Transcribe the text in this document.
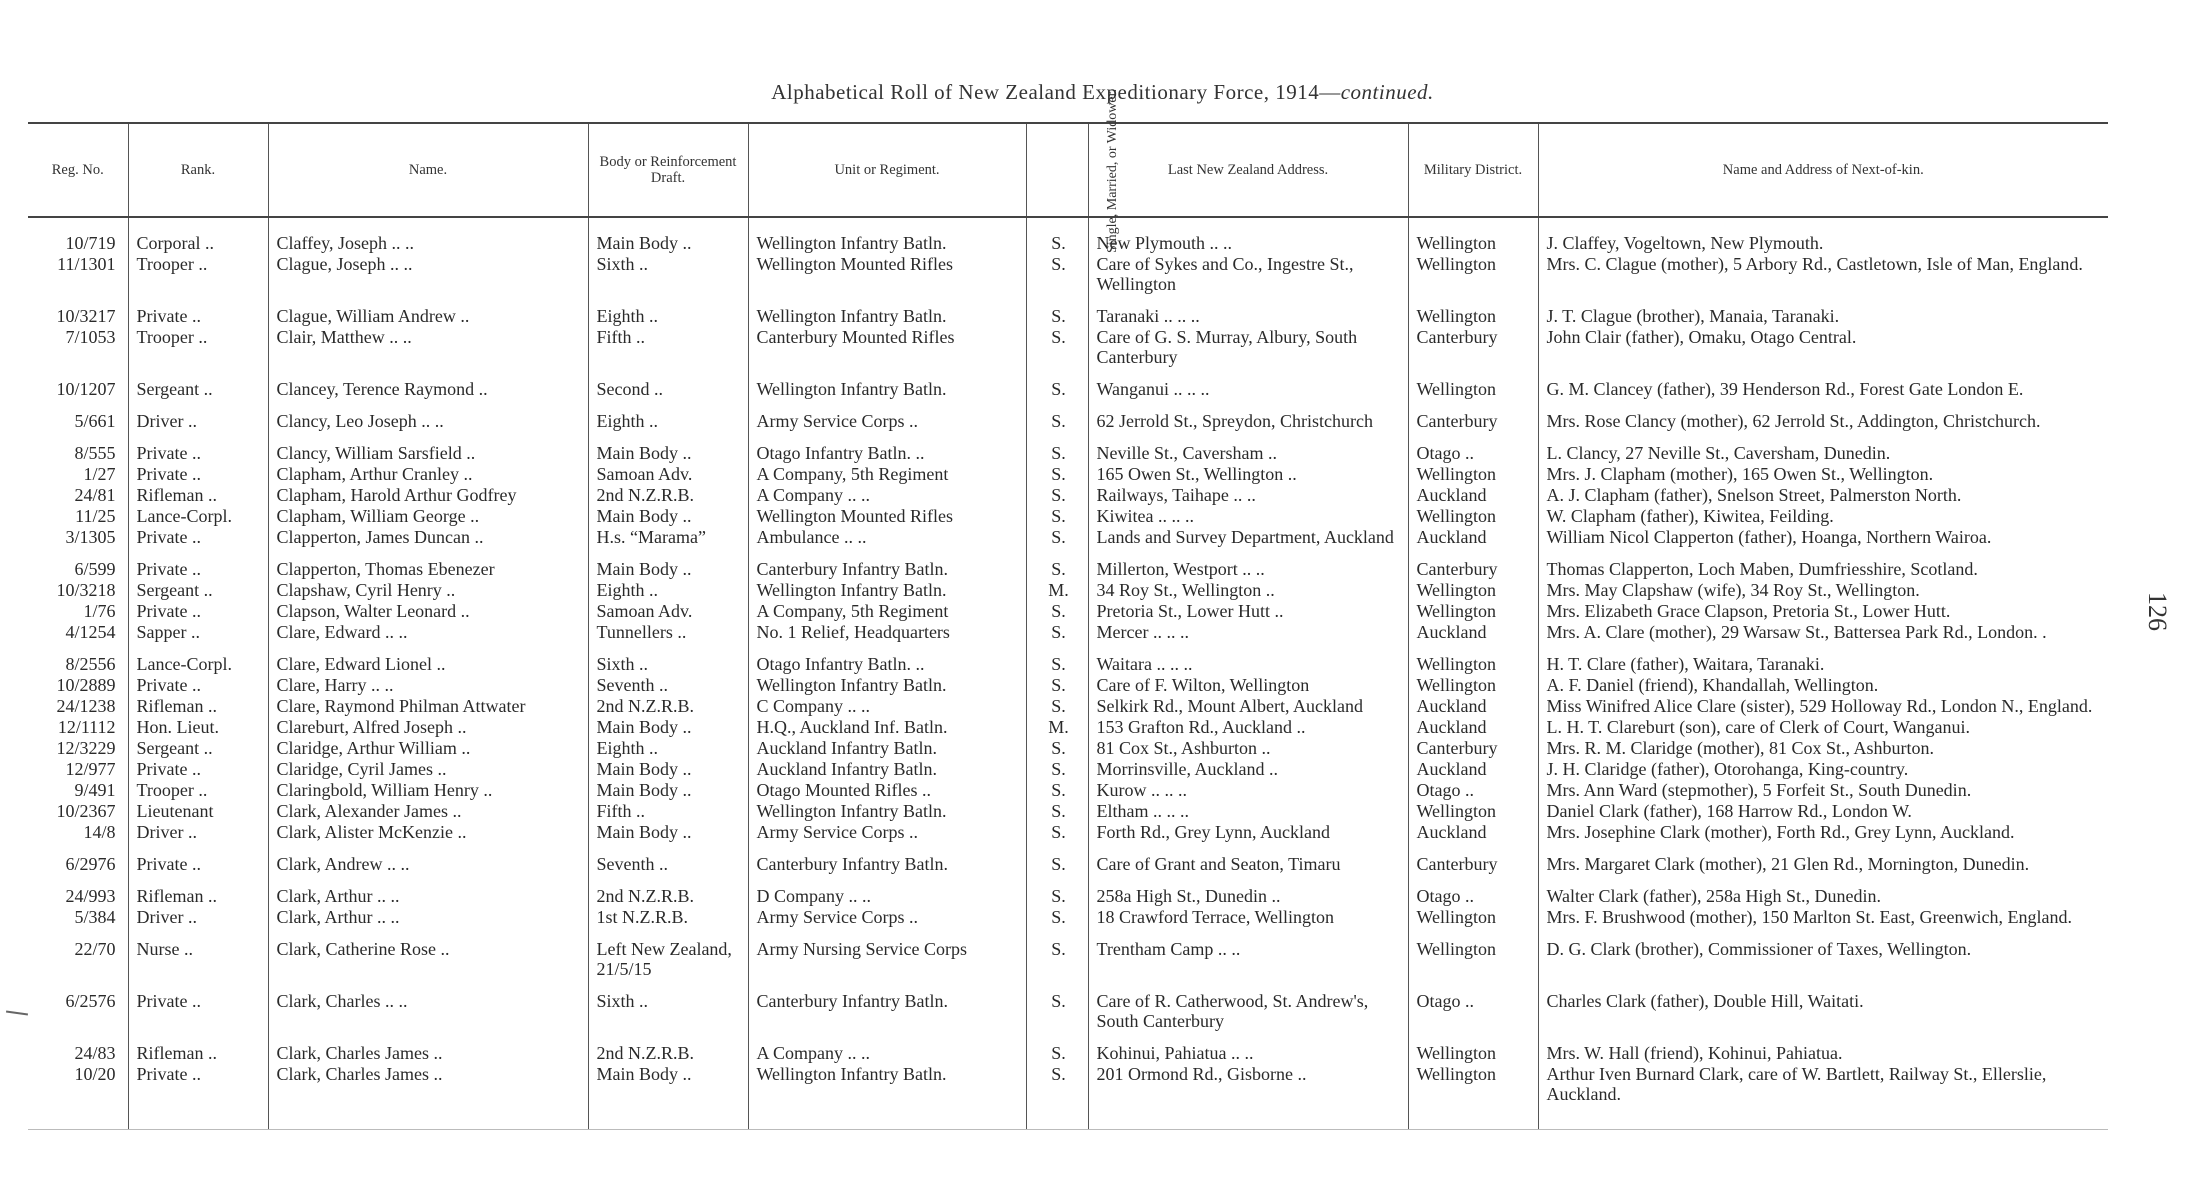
Alphabetical Roll of New Zealand Expeditionary Force, 1914—continued.
Reg. No.	Rank.	Name.	Body or Reinforcement Draft.	Unit or Regiment.	Single, Married, or Widower.	Last New Zealand Address.	Military District.	Name and Address of Next-of-kin.
10/719	Corporal ..	Claffey, Joseph .. ..	Main Body ..	Wellington Infantry Batln.	S.	New Plymouth .. ..	Wellington	J. Claffey, Vogeltown, New Plymouth.
11/1301	Trooper ..	Clague, Joseph .. ..	Sixth ..	Wellington Mounted Rifles	S.	Care of Sykes and Co., Ingestre St., Wellington	Wellington	Mrs. C. Clague (mother), 5 Arbory Rd., Castletown, Isle of Man, England.

10/3217	Private ..	Clague, William Andrew ..	Eighth ..	Wellington Infantry Batln.	S.	Taranaki .. .. ..	Wellington	J. T. Clague (brother), Manaia, Taranaki.
7/1053	Trooper ..	Clair, Matthew .. ..	Fifth ..	Canterbury Mounted Rifles	S.	Care of G. S. Murray, Albury, South Canterbury	Canterbury	John Clair (father), Omaku, Otago Central.

10/1207	Sergeant ..	Clancey, Terence Raymond ..	Second ..	Wellington Infantry Batln.	S.	Wanganui .. .. ..	Wellington	G. M. Clancey (father), 39 Henderson Rd., Forest Gate London E.

5/661	Driver ..	Clancy, Leo Joseph .. ..	Eighth ..	Army Service Corps ..	S.	62 Jerrold St., Spreydon, Christchurch	Canterbury	Mrs. Rose Clancy (mother), 62 Jerrold St., Addington, Christchurch.

8/555	Private ..	Clancy, William Sarsfield ..	Main Body ..	Otago Infantry Batln. ..	S.	Neville St., Caversham ..	Otago ..	L. Clancy, 27 Neville St., Caversham, Dunedin.
1/27	Private ..	Clapham, Arthur Cranley ..	Samoan Adv.	A Company, 5th Regiment	S.	165 Owen St., Wellington ..	Wellington	Mrs. J. Clapham (mother), 165 Owen St., Wellington.
24/81	Rifleman ..	Clapham, Harold Arthur Godfrey	2nd N.Z.R.B.	A Company .. ..	S.	Railways, Taihape .. ..	Auckland	A. J. Clapham (father), Snelson Street, Palmerston North.
11/25	Lance-Corpl.	Clapham, William George ..	Main Body ..	Wellington Mounted Rifles	S.	Kiwitea .. .. ..	Wellington	W. Clapham (father), Kiwitea, Feilding.
3/1305	Private ..	Clapperton, James Duncan ..	H.s. “Marama”	Ambulance .. ..	S.	Lands and Survey Department, Auckland	Auckland	William Nicol Clapperton (father), Hoanga, Northern Wairoa.

6/599	Private ..	Clapperton, Thomas Ebenezer	Main Body ..	Canterbury Infantry Batln.	S.	Millerton, Westport .. ..	Canterbury	Thomas Clapperton, Loch Maben, Dumfriesshire, Scotland.
10/3218	Sergeant ..	Clapshaw, Cyril Henry ..	Eighth ..	Wellington Infantry Batln.	M.	34 Roy St., Wellington ..	Wellington	Mrs. May Clapshaw (wife), 34 Roy St., Wellington.
1/76	Private ..	Clapson, Walter Leonard ..	Samoan Adv.	A Company, 5th Regiment	S.	Pretoria St., Lower Hutt ..	Wellington	Mrs. Elizabeth Grace Clapson, Pretoria St., Lower Hutt.
4/1254	Sapper ..	Clare, Edward .. ..	Tunnellers ..	No. 1 Relief, Headquarters	S.	Mercer .. .. ..	Auckland	Mrs. A. Clare (mother), 29 Warsaw St., Battersea Park Rd., London. .

8/2556	Lance-Corpl.	Clare, Edward Lionel ..	Sixth ..	Otago Infantry Batln. ..	S.	Waitara .. .. ..	Wellington	H. T. Clare (father), Waitara, Taranaki.
10/2889	Private ..	Clare, Harry .. ..	Seventh ..	Wellington Infantry Batln.	S.	Care of F. Wilton, Wellington	Wellington	A. F. Daniel (friend), Khandallah, Wellington.
24/1238	Rifleman ..	Clare, Raymond Philman Attwater	2nd N.Z.R.B.	C Company .. ..	S.	Selkirk Rd., Mount Albert, Auckland	Auckland	Miss Winifred Alice Clare (sister), 529 Holloway Rd., London N., England.
12/1112	Hon. Lieut.	Clareburt, Alfred Joseph ..	Main Body ..	H.Q., Auckland Inf. Batln.	M.	153 Grafton Rd., Auckland ..	Auckland	L. H. T. Clareburt (son), care of Clerk of Court, Wanganui.
12/3229	Sergeant ..	Claridge, Arthur William ..	Eighth ..	Auckland Infantry Batln.	S.	81 Cox St., Ashburton ..	Canterbury	Mrs. R. M. Claridge (mother), 81 Cox St., Ashburton.
12/977	Private ..	Claridge, Cyril James ..	Main Body ..	Auckland Infantry Batln.	S.	Morrinsville, Auckland ..	Auckland	J. H. Claridge (father), Otorohanga, King-country.
9/491	Trooper ..	Claringbold, William Henry ..	Main Body ..	Otago Mounted Rifles ..	S.	Kurow .. .. ..	Otago ..	Mrs. Ann Ward (stepmother), 5 Forfeit St., South Dunedin.
10/2367	Lieutenant	Clark, Alexander James ..	Fifth ..	Wellington Infantry Batln.	S.	Eltham .. .. ..	Wellington	Daniel Clark (father), 168 Harrow Rd., London W.
14/8	Driver ..	Clark, Alister McKenzie ..	Main Body ..	Army Service Corps ..	S.	Forth Rd., Grey Lynn, Auckland	Auckland	Mrs. Josephine Clark (mother), Forth Rd., Grey Lynn, Auckland.

6/2976	Private ..	Clark, Andrew .. ..	Seventh ..	Canterbury Infantry Batln.	S.	Care of Grant and Seaton, Timaru	Canterbury	Mrs. Margaret Clark (mother), 21 Glen Rd., Mornington, Dunedin.

24/993	Rifleman ..	Clark, Arthur .. ..	2nd N.Z.R.B.	D Company .. ..	S.	258a High St., Dunedin ..	Otago ..	Walter Clark (father), 258a High St., Dunedin.
5/384	Driver ..	Clark, Arthur .. ..	1st N.Z.R.B.	Army Service Corps ..	S.	18 Crawford Terrace, Wellington	Wellington	Mrs. F. Brushwood (mother), 150 Marlton St. East, Greenwich, England.

22/70	Nurse ..	Clark, Catherine Rose ..	Left New Zealand, 21/5/15	Army Nursing Service Corps	S.	Trentham Camp .. ..	Wellington	D. G. Clark (brother), Commissioner of Taxes, Wellington.

6/2576	Private ..	Clark, Charles .. ..	Sixth ..	Canterbury Infantry Batln.	S.	Care of R. Catherwood, St. Andrew's, South Canterbury	Otago ..	Charles Clark (father), Double Hill, Waitati.

24/83	Rifleman ..	Clark, Charles James ..	2nd N.Z.R.B.	A Company .. ..	S.	Kohinui, Pahiatua .. ..	Wellington	Mrs. W. Hall (friend), Kohinui, Pahiatua.
10/20	Private ..	Clark, Charles James ..	Main Body ..	Wellington Infantry Batln.	S.	201 Ormond Rd., Gisborne ..	Wellington	Arthur Iven Burnard Clark, care of W. Bartlett, Railway St., Ellerslie, Auckland.

126
